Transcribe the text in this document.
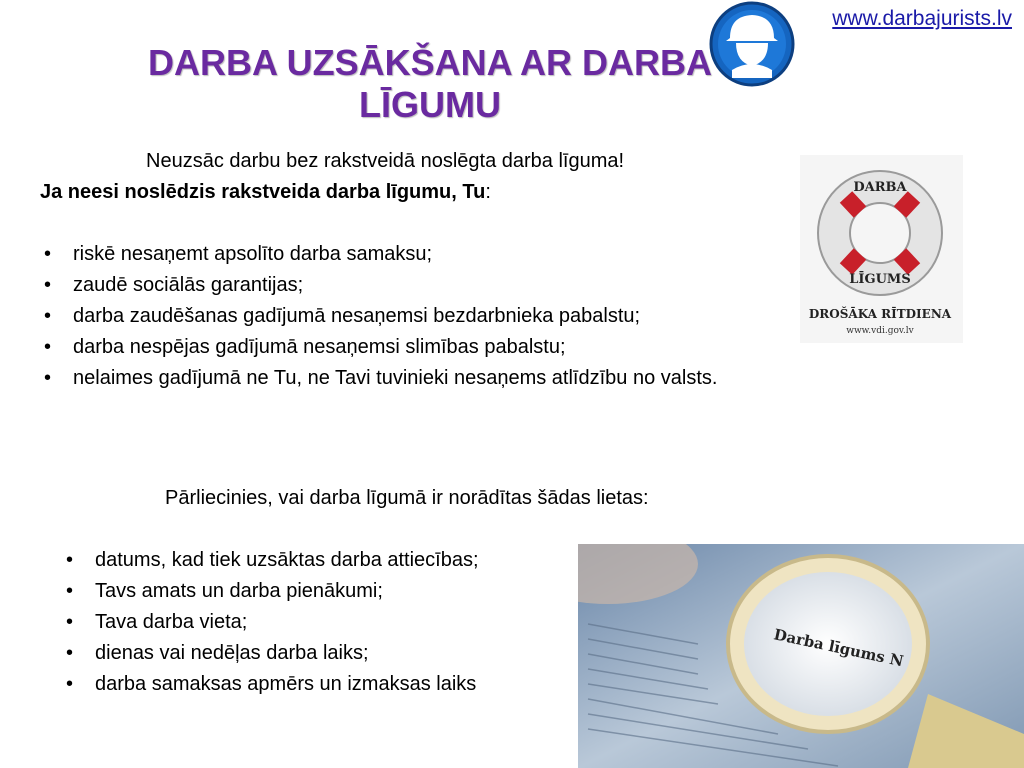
www.darbajurists.lv
DARBA UZSĀKŠANA AR DARBA
LĪGUMU
Neuzsāc darbu bez rakstveidā noslēgta darba līguma!
Ja neesi noslēdzis rakstveida darba līgumu, Tu:
• riskē nesaņemt apsolīto darba samaksu;
• zaudē sociālās garantijas;
• darba zaudēšanas gadījumā nesaņemsi bezdarbnieka pabalstu;
• darba nespējas gadījumā nesaņemsi slimības pabalstu;
• nelaimes gadījumā ne Tu, ne Tavi tuvinieki nesaņems atlīdzību no valsts.
Pārliecinies, vai darba līgumā ir norādītas šādas lietas:
• datums, kad tiek uzsāktas darba attiecības;
• Tavs amats un darba pienākumi;
• Tava darba vieta;
• dienas vai nedēļas darba laiks;
• darba samaksas apmērs un izmaksas laiks
DARBA
LĪGUMS
DROŠĀKA RĪTDIENA
www.vdi.gov.lv
Darba līgums N
